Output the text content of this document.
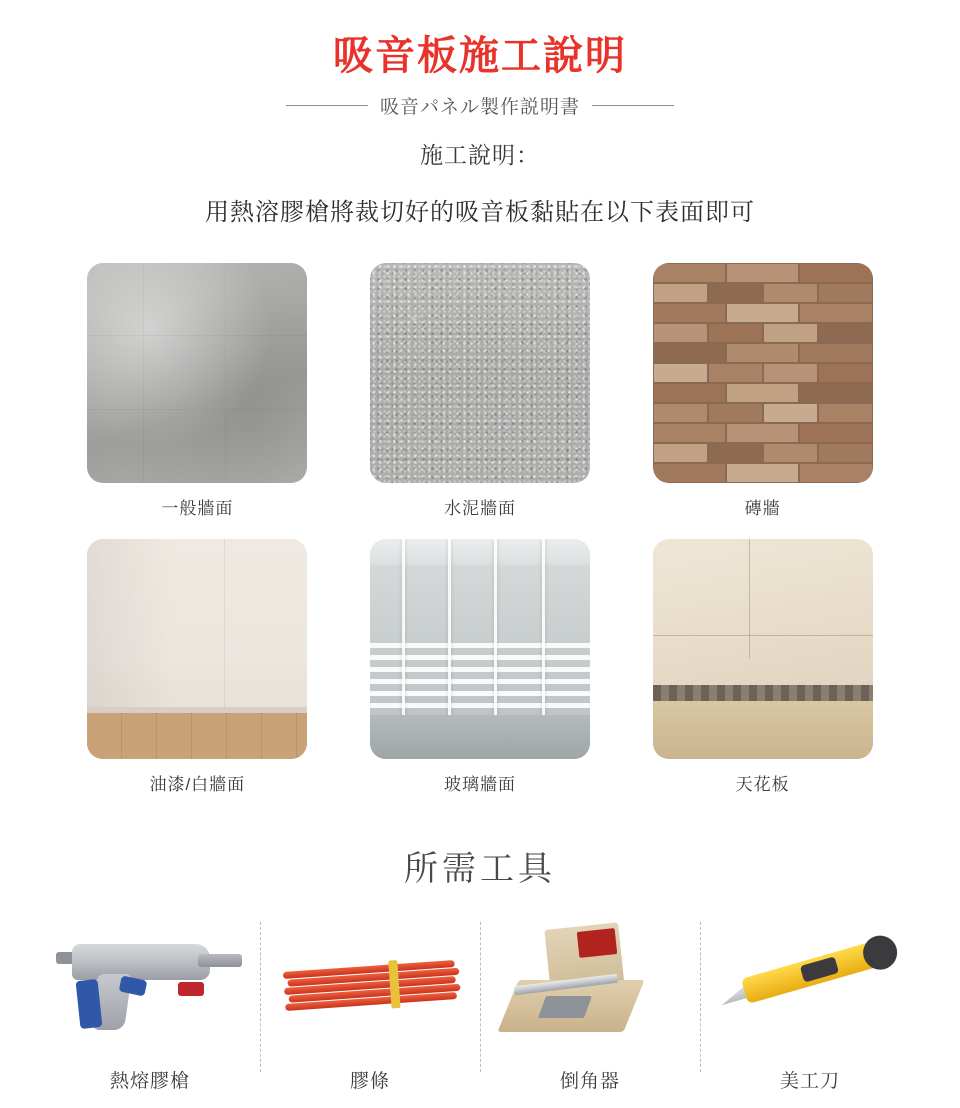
吸音板施工說明
吸音パネル製作説明書
施工說明：
用熱溶膠槍將裁切好的吸音板黏貼在以下表面即可
一般牆面	水泥牆面	磚牆
油漆/白牆面	玻璃牆面	天花板
所需工具
熱熔膠槍	膠條	倒角器	美工刀
